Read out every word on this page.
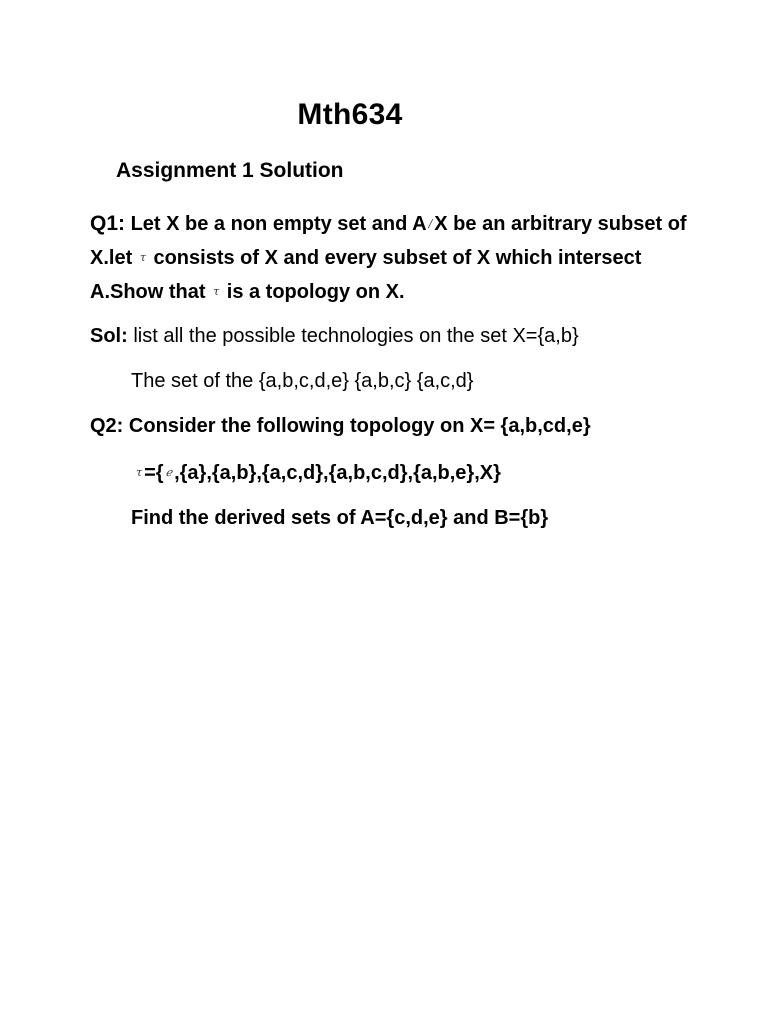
Mth634
Assignment 1 Solution
Q1: Let X be a non empty set and A / X be an arbitrary subset of X.let τ consists of X and every subset of X which intersect A.Show that τ is a topology on X.
Sol: list all the possible technologies on the set X={a,b}
The set of the {a,b,c,d,e} {a,b,c} {a,c,d}
Q2: Consider the following topology on X= {a,b,cd,e}
τ ={ ℯ ,{a},{a,b},{a,c,d},{a,b,c,d},{a,b,e},X}
Find the derived sets of A={c,d,e} and B={b}
